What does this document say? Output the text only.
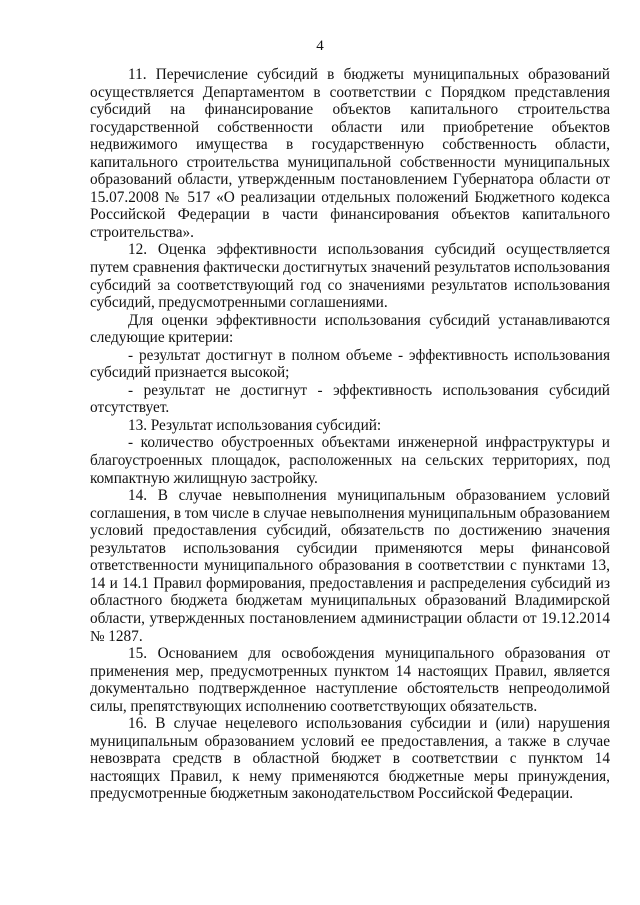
4

11. Перечисление субсидий в бюджеты муниципальных образований осуществляется Департаментом в соответствии с Порядком представления субсидий на финансирование объектов капитального строительства государственной собственности области или приобретение объектов недвижимого имущества в государственную собственность области, капитального строительства муниципальной собственности муниципальных образований области, утвержденным постановлением Губернатора области от 15.07.2008 № 517 «О реализации отдельных положений Бюджетного кодекса Российской Федерации в части финансирования объектов капитального строительства».

12. Оценка эффективности использования субсидий осуществляется путем сравнения фактически достигнутых значений результатов использования субсидий за соответствующий год со значениями результатов использования субсидий, предусмотренными соглашениями.

Для оценки эффективности использования субсидий устанавливаются следующие критерии:

- результат достигнут в полном объеме - эффективность использования субсидий признается высокой;

- результат не достигнут - эффективность использования субсидий отсутствует.

13. Результат использования субсидий:

- количество обустроенных объектами инженерной инфраструктуры и благоустроенных площадок, расположенных на сельских территориях, под компактную жилищную застройку.

14. В случае невыполнения муниципальным образованием условий соглашения, в том числе в случае невыполнения муниципальным образованием условий предоставления субсидий, обязательств по достижению значения результатов использования субсидии применяются меры финансовой ответственности муниципального образования в соответствии с пунктами 13, 14 и 14.1 Правил формирования, предоставления и распределения субсидий из областного бюджета бюджетам муниципальных образований Владимирской области, утвержденных постановлением администрации области от 19.12.2014 № 1287.

15. Основанием для освобождения муниципального образования от применения мер, предусмотренных пунктом 14 настоящих Правил, является документально подтвержденное наступление обстоятельств непреодолимой силы, препятствующих исполнению соответствующих обязательств.

16. В случае нецелевого использования субсидии и (или) нарушения муниципальным образованием условий ее предоставления, а также в случае невозврата средств в областной бюджет в соответствии с пунктом 14 настоящих Правил, к нему применяются бюджетные меры принуждения, предусмотренные бюджетным законодательством Российской Федерации.
